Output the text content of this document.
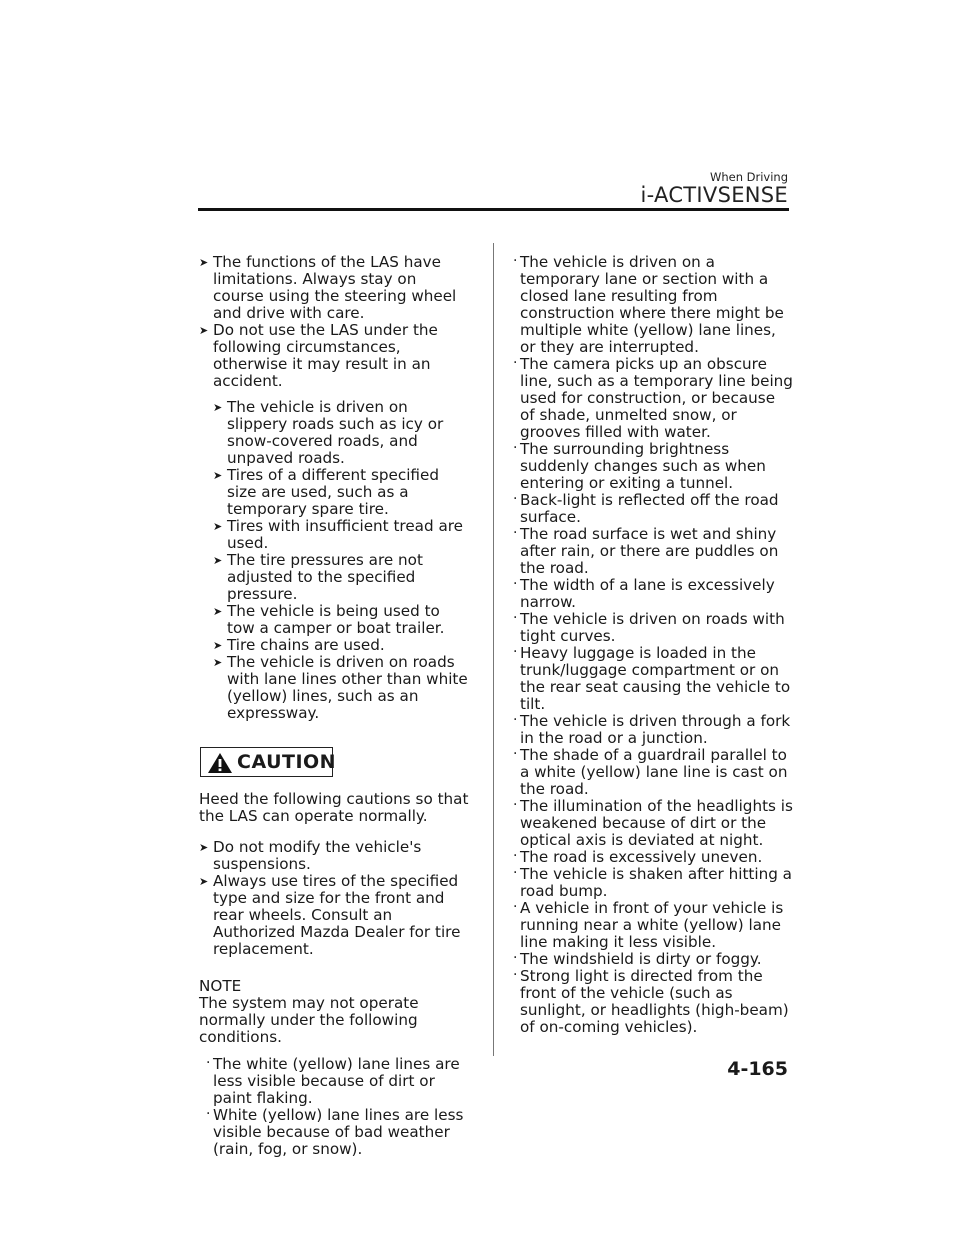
When Driving
i-ACTIVSENSE
➤ The functions of the LAS have limitations. Always stay on course using the steering wheel and drive with care.
➤ Do not use the LAS under the following circumstances, otherwise it may result in an accident.
➤ The vehicle is driven on slippery roads such as icy or snow-covered roads, and unpaved roads.
➤ Tires of a different specified size are used, such as a temporary spare tire.
➤ Tires with insufficient tread are used.
➤ The tire pressures are not adjusted to the specified pressure.
➤ The vehicle is being used to tow a camper or boat trailer.
➤ Tire chains are used.
➤ The vehicle is driven on roads with lane lines other than white (yellow) lines, such as an expressway.
CAUTION
Heed the following cautions so that the LAS can operate normally.
➤ Do not modify the vehicle's suspensions.
➤ Always use tires of the specified type and size for the front and rear wheels. Consult an Authorized Mazda Dealer for tire replacement.
NOTE
The system may not operate normally under the following conditions.
· The white (yellow) lane lines are less visible because of dirt or paint flaking.
· White (yellow) lane lines are less visible because of bad weather (rain, fog, or snow).
· The vehicle is driven on a temporary lane or section with a closed lane resulting from construction where there might be multiple white (yellow) lane lines, or they are interrupted.
· The camera picks up an obscure line, such as a temporary line being used for construction, or because of shade, unmelted snow, or grooves filled with water.
· The surrounding brightness suddenly changes such as when entering or exiting a tunnel.
· Back-light is reflected off the road surface.
· The road surface is wet and shiny after rain, or there are puddles on the road.
· The width of a lane is excessively narrow.
· The vehicle is driven on roads with tight curves.
· Heavy luggage is loaded in the trunk/luggage compartment or on the rear seat causing the vehicle to tilt.
· The vehicle is driven through a fork in the road or a junction.
· The shade of a guardrail parallel to a white (yellow) lane line is cast on the road.
· The illumination of the headlights is weakened because of dirt or the optical axis is deviated at night.
· The road is excessively uneven.
· The vehicle is shaken after hitting a road bump.
· A vehicle in front of your vehicle is running near a white (yellow) lane line making it less visible.
· The windshield is dirty or foggy.
· Strong light is directed from the front of the vehicle (such as sunlight, or headlights (high-beam) of on-coming vehicles).
4-165
